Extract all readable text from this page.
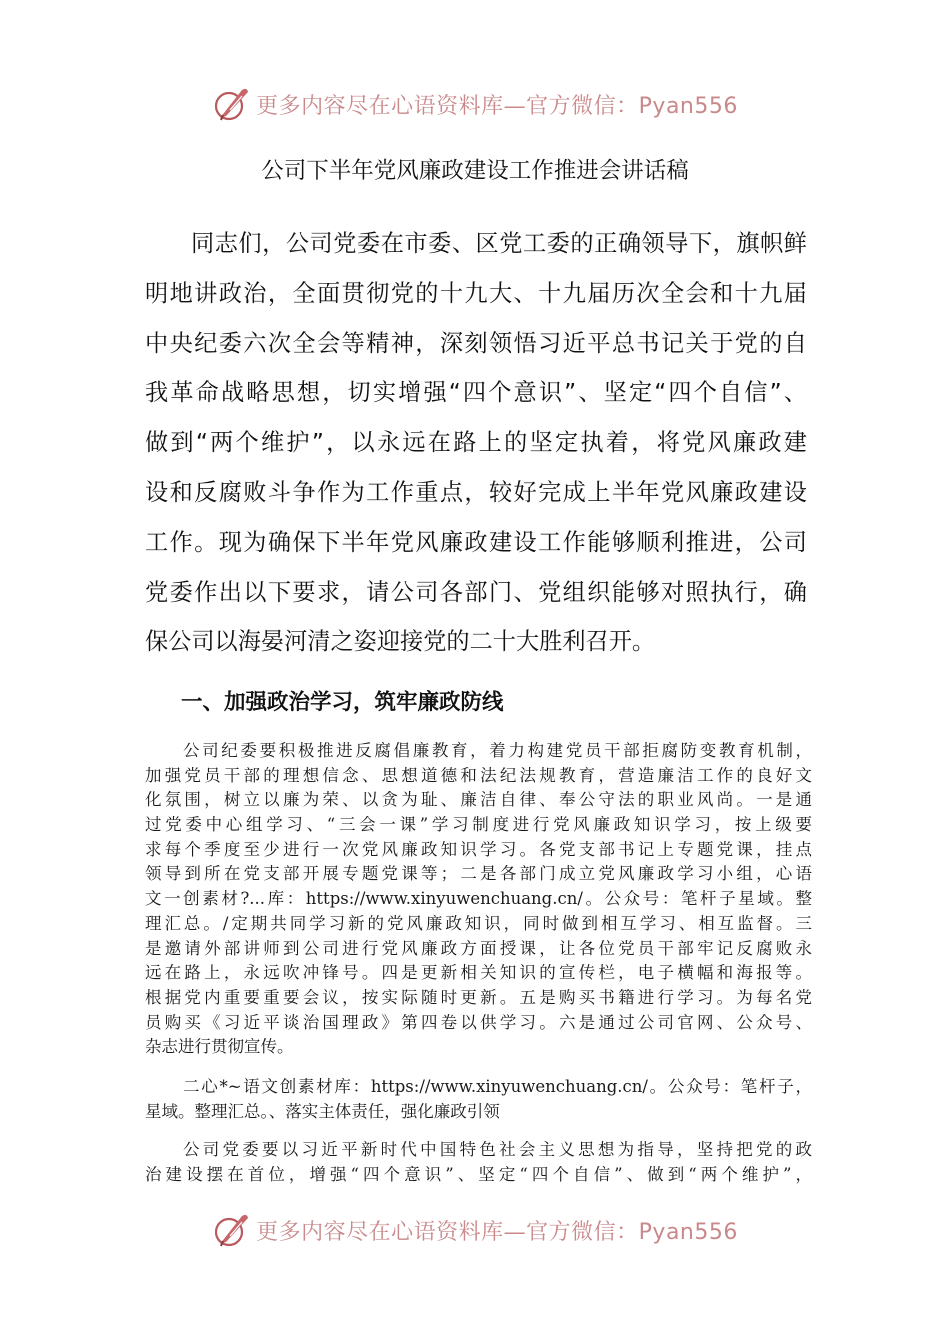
更多内容尽在心语资料库—官方微信：Pyan556
公司下半年党风廉政建设工作推进会讲话稿
同志们，公司党委在市委、区党工委的正确领导下，旗帜鲜
明地讲政治，全面贯彻党的十九大、十九届历次全会和十九届
中央纪委六次全会等精神，深刻领悟习近平总书记关于党的自
我革命战略思想，切实增强“四个意识”、坚定“四个自信”、
做到“两个维护”，以永远在路上的坚定执着，将党风廉政建
设和反腐败斗争作为工作重点，较好完成上半年党风廉政建设
工作。现为确保下半年党风廉政建设工作能够顺利推进，公司
党委作出以下要求，请公司各部门、党组织能够对照执行，确
保公司以海晏河清之姿迎接党的二十大胜利召开。
一、加强政治学习，筑牢廉政防线
公司纪委要积极推进反腐倡廉教育，着力构建党员干部拒腐防变教育机制，
加强党员干部的理想信念、思想道德和法纪法规教育，营造廉洁工作的良好文
化氛围，树立以廉为荣、以贪为耻、廉洁自律、奉公守法的职业风尚。一是通
过党委中心组学习、“三会一课”学习制度进行党风廉政知识学习，按上级要
求每个季度至少进行一次党风廉政知识学习。各党支部书记上专题党课，挂点
领导到所在党支部开展专题党课等；二是各部门成立党风廉政学习小组，心语
文一创素材?...库：https://www.xinyuwenchuang.cn/。公众号：笔杆子星域。整
理汇总。/定期共同学习新的党风廉政知识，同时做到相互学习、相互监督。三
是邀请外部讲师到公司进行党风廉政方面授课，让各位党员干部牢记反腐败永
远在路上，永远吹冲锋号。四是更新相关知识的宣传栏，电子横幅和海报等。
根据党内重要重要会议，按实际随时更新。五是购买书籍进行学习。为每名党
员购买《习近平谈治国理政》第四卷以供学习。六是通过公司官网、公众号、
杂志进行贯彻宣传。
二心*~语文创素材库：https://www.xinyuwenchuang.cn/。公众号：笔杆子，
星域。整理汇总。、落实主体责任，强化廉政引领
公司党委要以习近平新时代中国特色社会主义思想为指导，坚持把党的政
治建设摆在首位，增强“四个意识”、坚定“四个自信”、做到“两个维护”，
更多内容尽在心语资料库—官方微信：Pyan556
